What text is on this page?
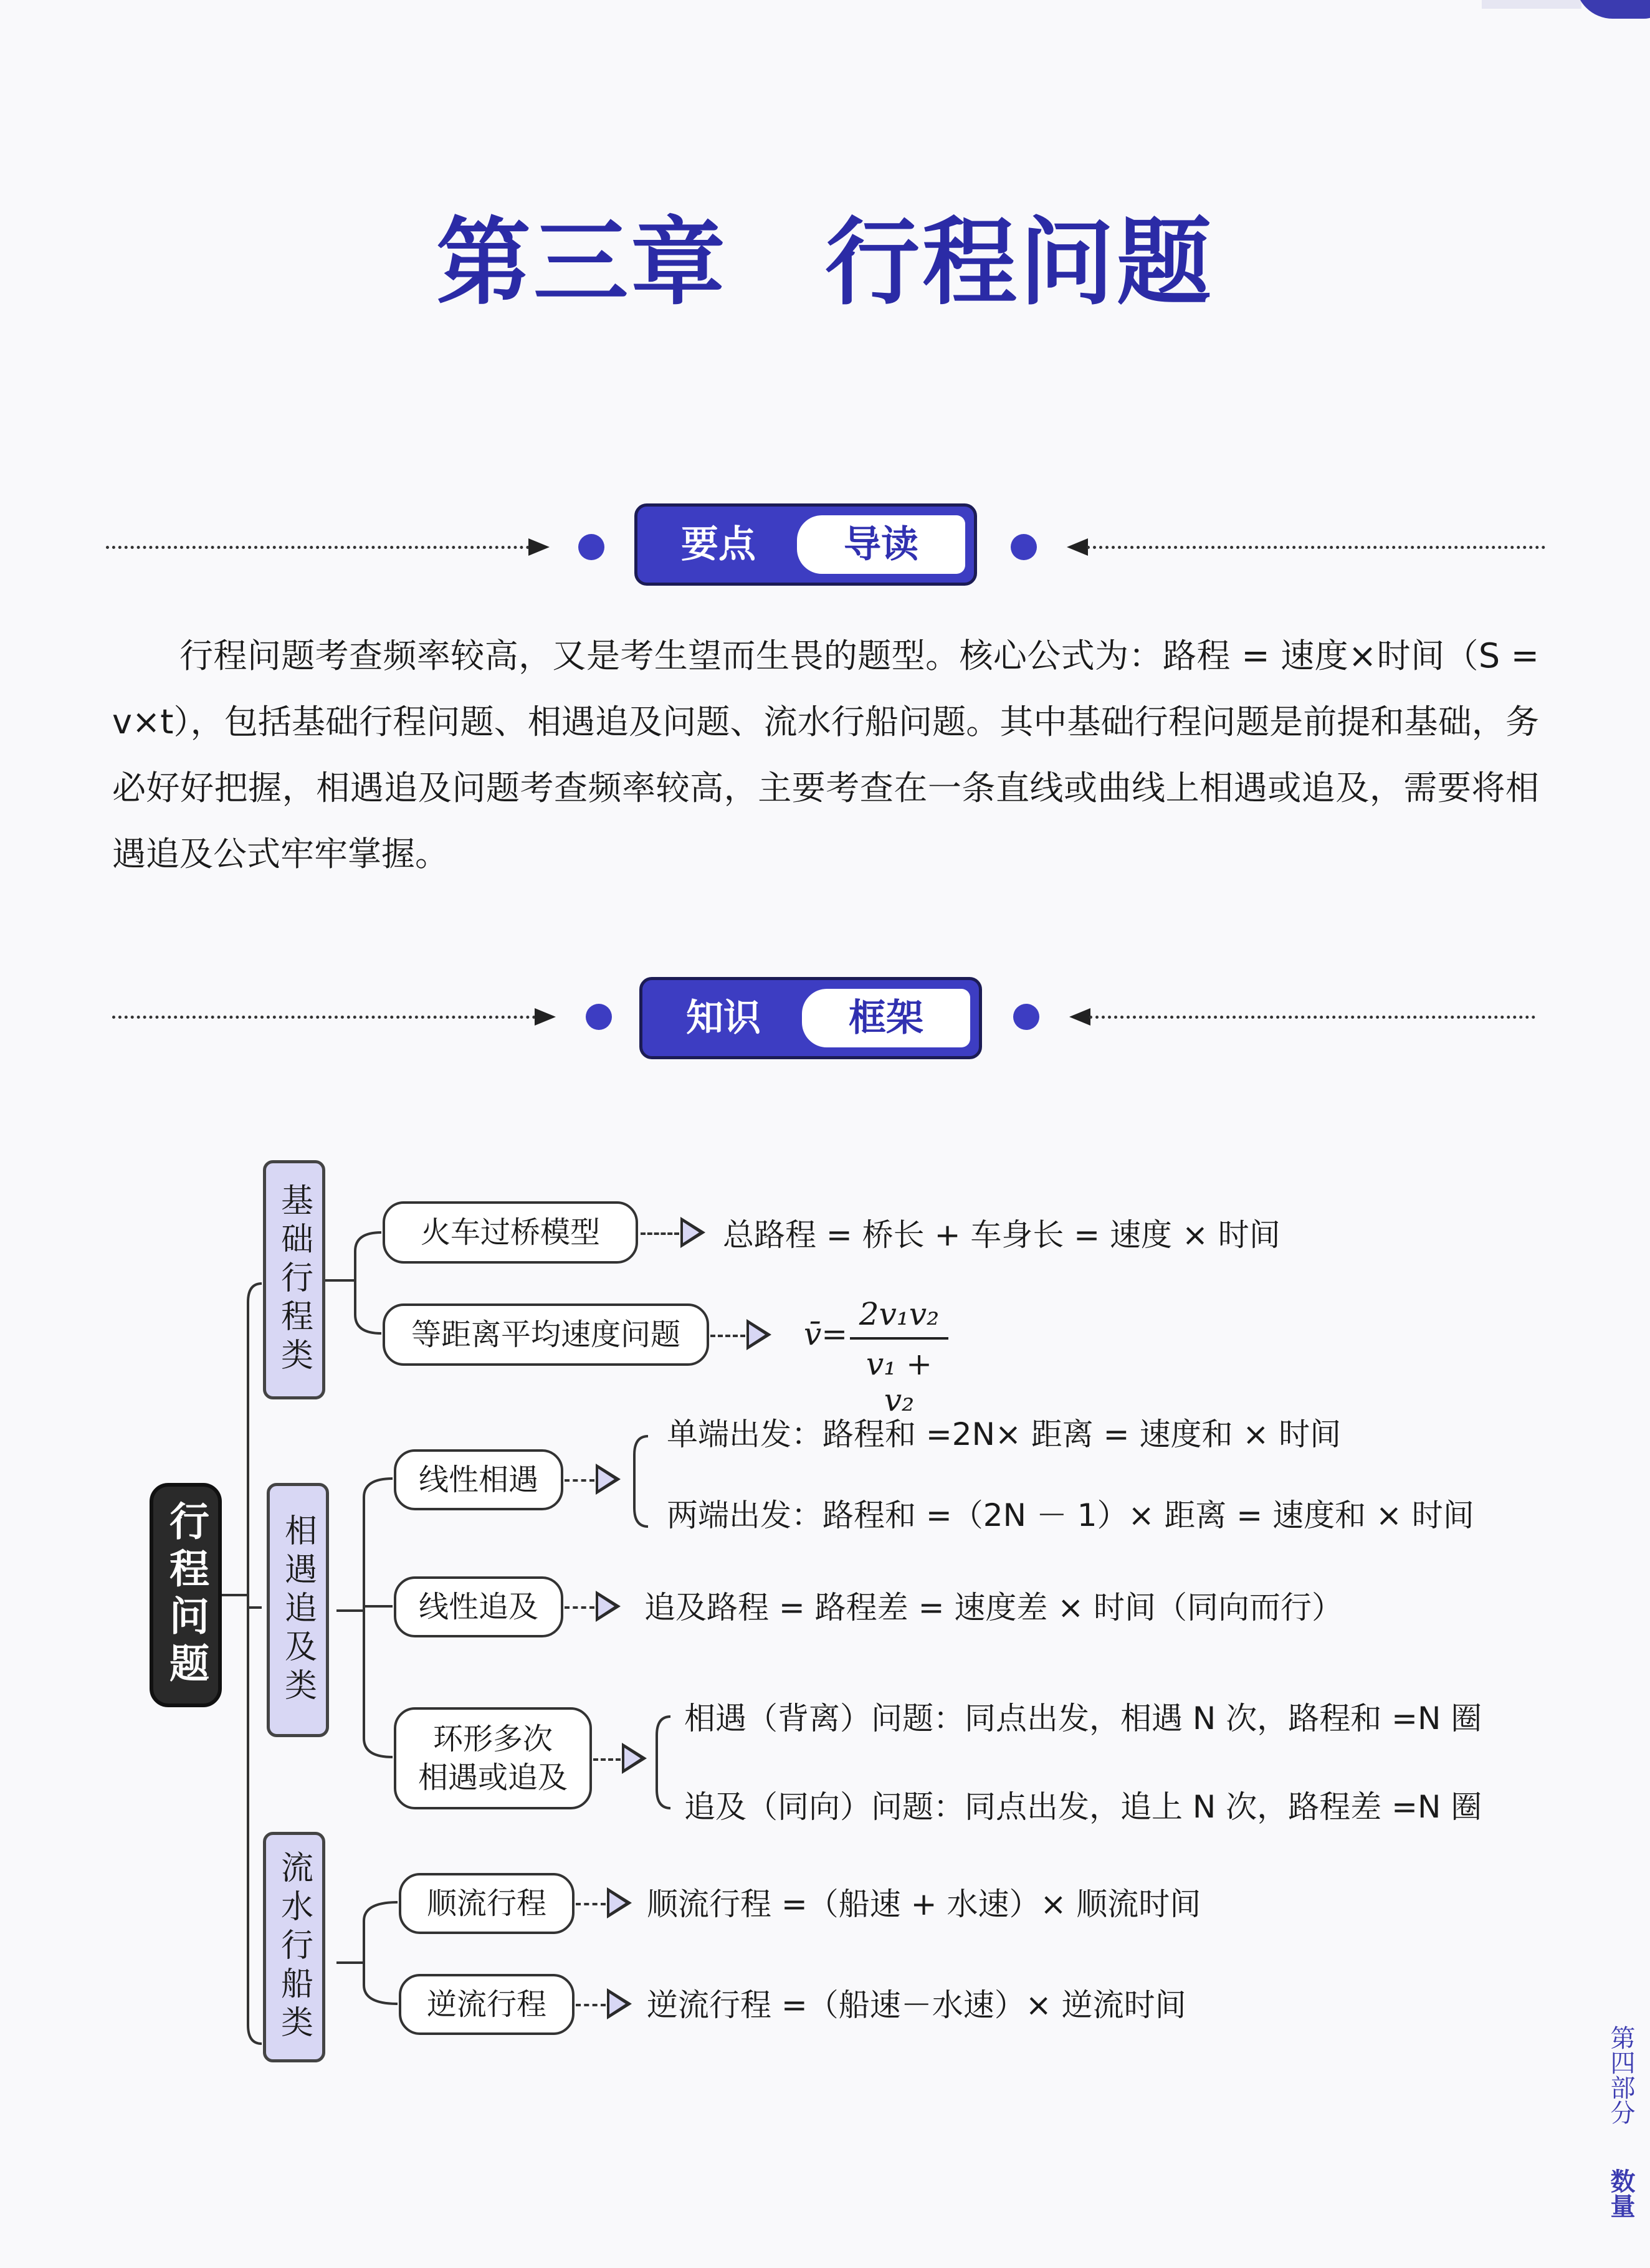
第三章　行程问题
要点	导读
行程问题考查频率较高，又是考生望而生畏的题型。核心公式为：路程 = 速度×时间（S = v×t），包括基础行程问题、相遇追及问题、流水行船问题。其中基础行程问题是前提和基础，务必好好把握，相遇追及问题考查频率较高，主要考查在一条直线或曲线上相遇或追及，需要将相遇追及公式牢牢掌握。
知识	框架
行程问题
基础行程类	火车过桥模型	总路程 = 桥长 + 车身长 = 速度 × 时间
等距离平均速度问题	v̄=
2v₁v₂
v₁ + v₂
相遇追及类
线性相遇
单端出发：路程和 =2N× 距离 = 速度和 × 时间
两端出发：路程和 =（2N － 1）× 距离 = 速度和 × 时间
线性追及	追及路程 = 路程差 = 速度差 × 时间（同向而行）
环形多次
相遇或追及
相遇（背离）问题：同点出发，相遇 N 次，路程和 =N 圈
追及（同向）问题：同点出发，追上 N 次，路程差 =N 圈
流水行船类	顺流行程	顺流行程 =（船速 + 水速）× 顺流时间
逆流行程	逆流行程 =（船速－水速）× 逆流时间
第四部分
数量
